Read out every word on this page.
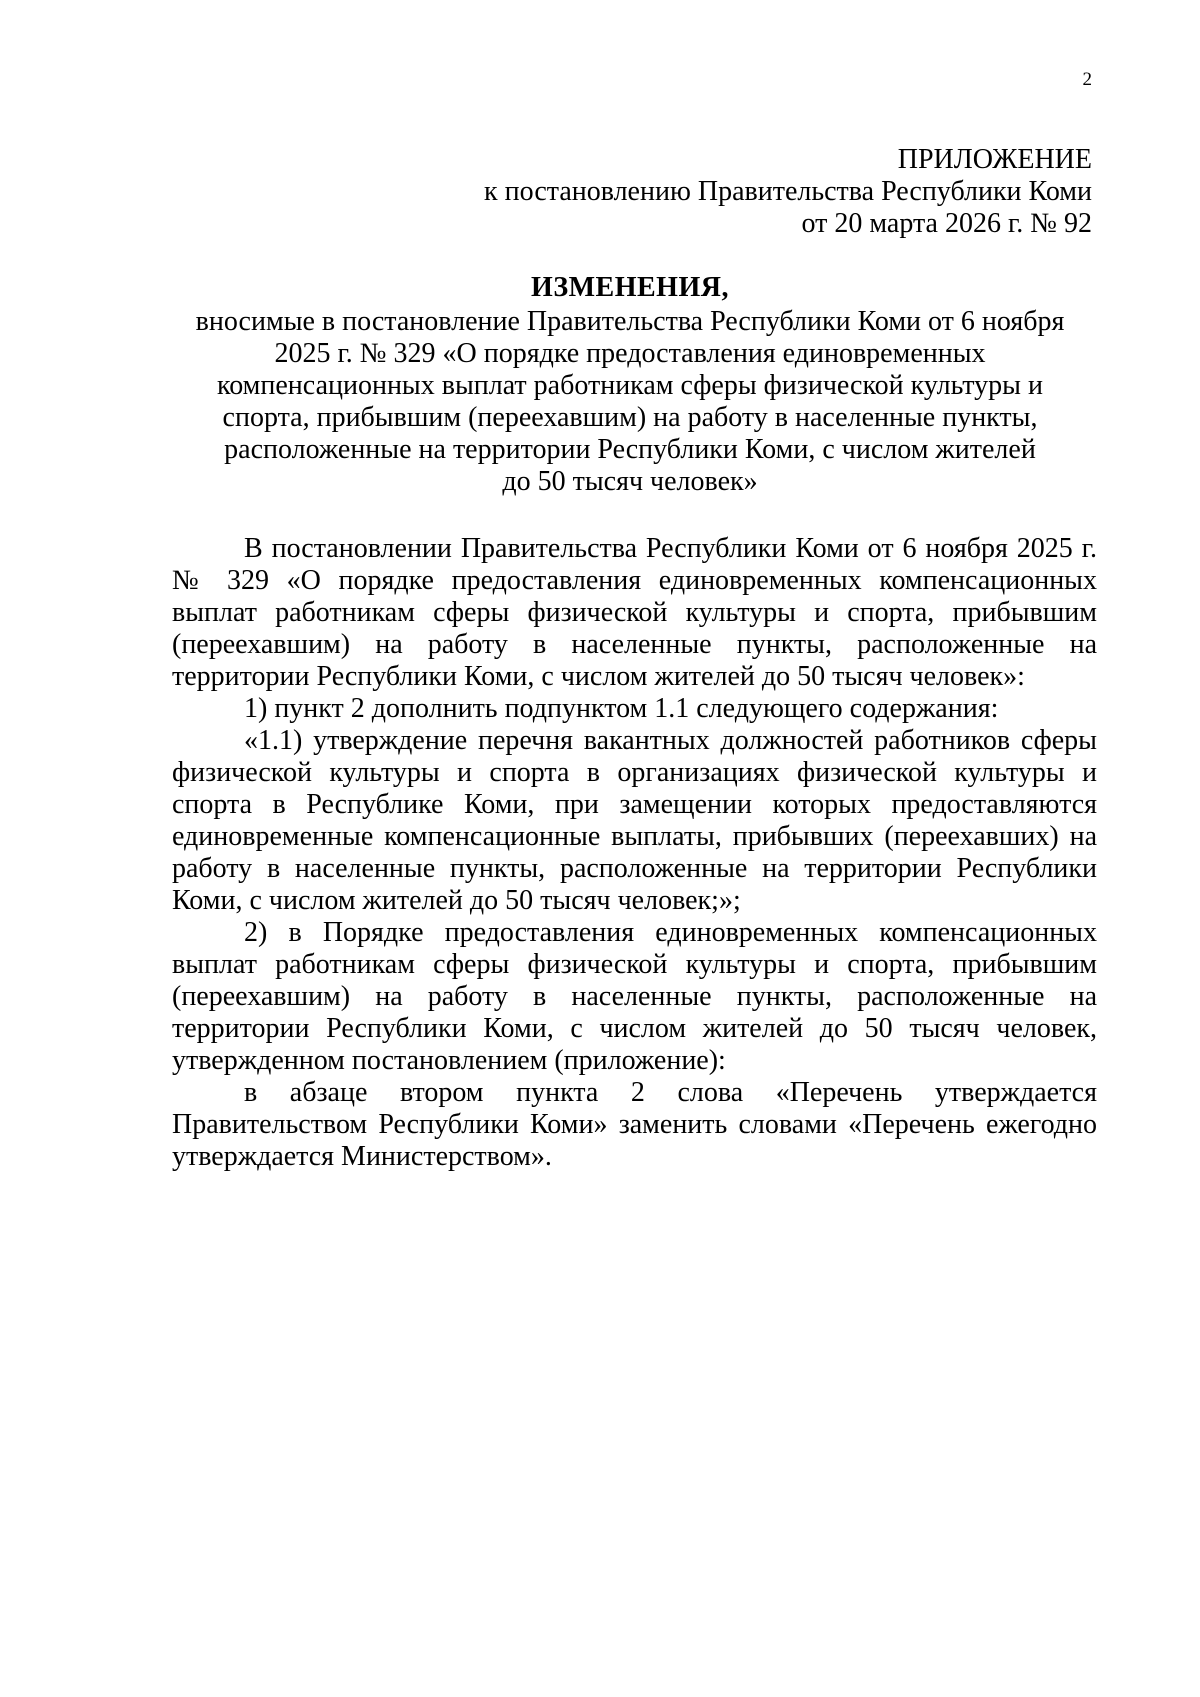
2
ПРИЛОЖЕНИЕ
к постановлению Правительства Республики Коми
от 20 марта 2026 г. № 92
ИЗМЕНЕНИЯ,
вносимые в постановление Правительства Республики Коми от 6 ноября
2025 г. № 329 «О порядке предоставления единовременных
компенсационных выплат работникам сферы физической культуры и
спорта, прибывшим (переехавшим) на работу в населенные пункты,
расположенные на территории Республики Коми, с числом жителей
до 50 тысяч человек»

В постановлении Правительства Республики Коми от 6 ноября 2025 г. № 329 «О порядке предоставления единовременных компенсационных выплат работникам сферы физической культуры и спорта, прибывшим (переехавшим) на работу в населенные пункты, расположенные на территории Республики Коми, с числом жителей до 50 тысяч человек»:

1) пункт 2 дополнить подпунктом 1.1 следующего содержания:

«1.1) утверждение перечня вакантных должностей работников сферы физической культуры и спорта в организациях физической культуры и спорта в Республике Коми, при замещении которых предоставляются единовременные компенсационные выплаты, прибывших (переехавших) на работу в населенные пункты, расположенные на территории Республики Коми, с числом жителей до 50 тысяч человек;»;

2) в Порядке предоставления единовременных компенсационных выплат работникам сферы физической культуры и спорта, прибывшим (переехавшим) на работу в населенные пункты, расположенные на территории Республики Коми, с числом жителей до 50 тысяч человек, утвержденном постановлением (приложение):

в абзаце втором пункта 2 слова «Перечень утверждается Правительством Республики Коми» заменить словами «Перечень ежегодно утверждается Министерством».
